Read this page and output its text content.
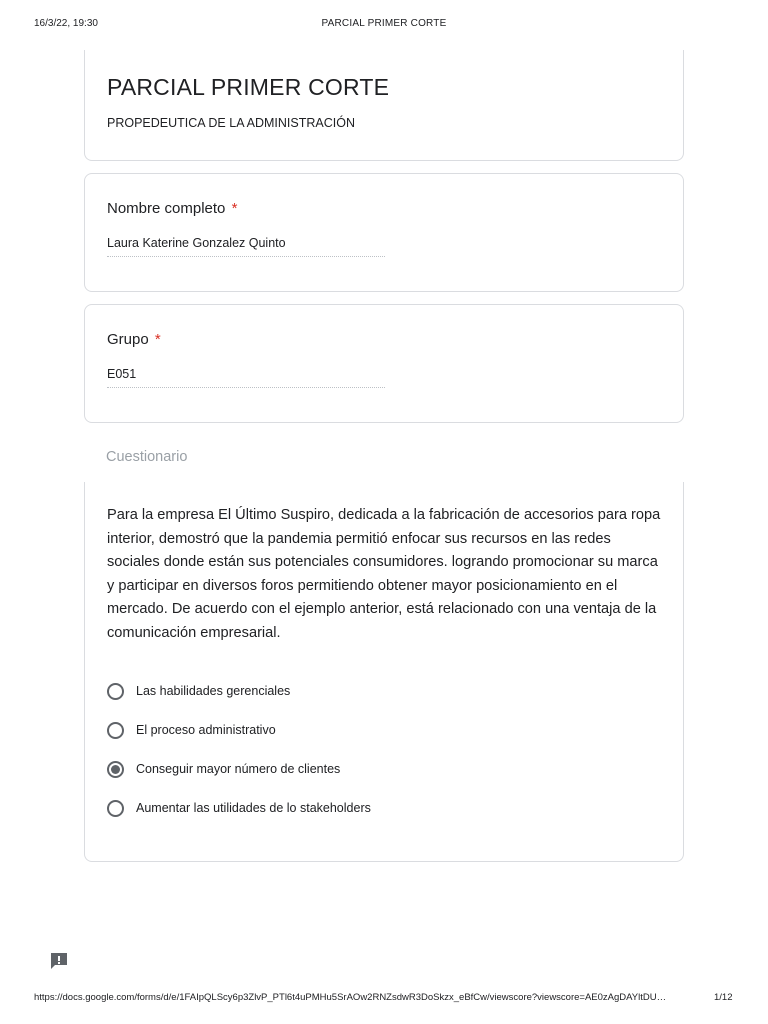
16/3/22, 19:30	PARCIAL PRIMER CORTE
PARCIAL PRIMER CORTE
PROPEDEUTICA DE LA ADMINISTRACIÓN
Nombre completo *
Laura Katerine Gonzalez Quinto
Grupo *
E051
Cuestionario
Para la empresa El Último Suspiro, dedicada a la fabricación de accesorios para ropa interior, demostró que la pandemia permitió enfocar sus recursos en las redes sociales donde están sus potenciales consumidores. logrando promocionar su marca y participar en diversos foros permitiendo obtener mayor posicionamiento en el mercado. De acuerdo con el ejemplo anterior, está relacionado con una ventaja de la comunicación empresarial.
Las habilidades gerenciales
El proceso administrativo
Conseguir mayor número de clientes
Aumentar las utilidades de lo stakeholders
https://docs.google.com/forms/d/e/1FAIpQLScy6p3ZlvP_PTl6t4uPMHu5SrAOw2RNZsdwR3DoSkzx_eBfCw/viewscore?viewscore=AE0zAgDAYltDU…	1/12
